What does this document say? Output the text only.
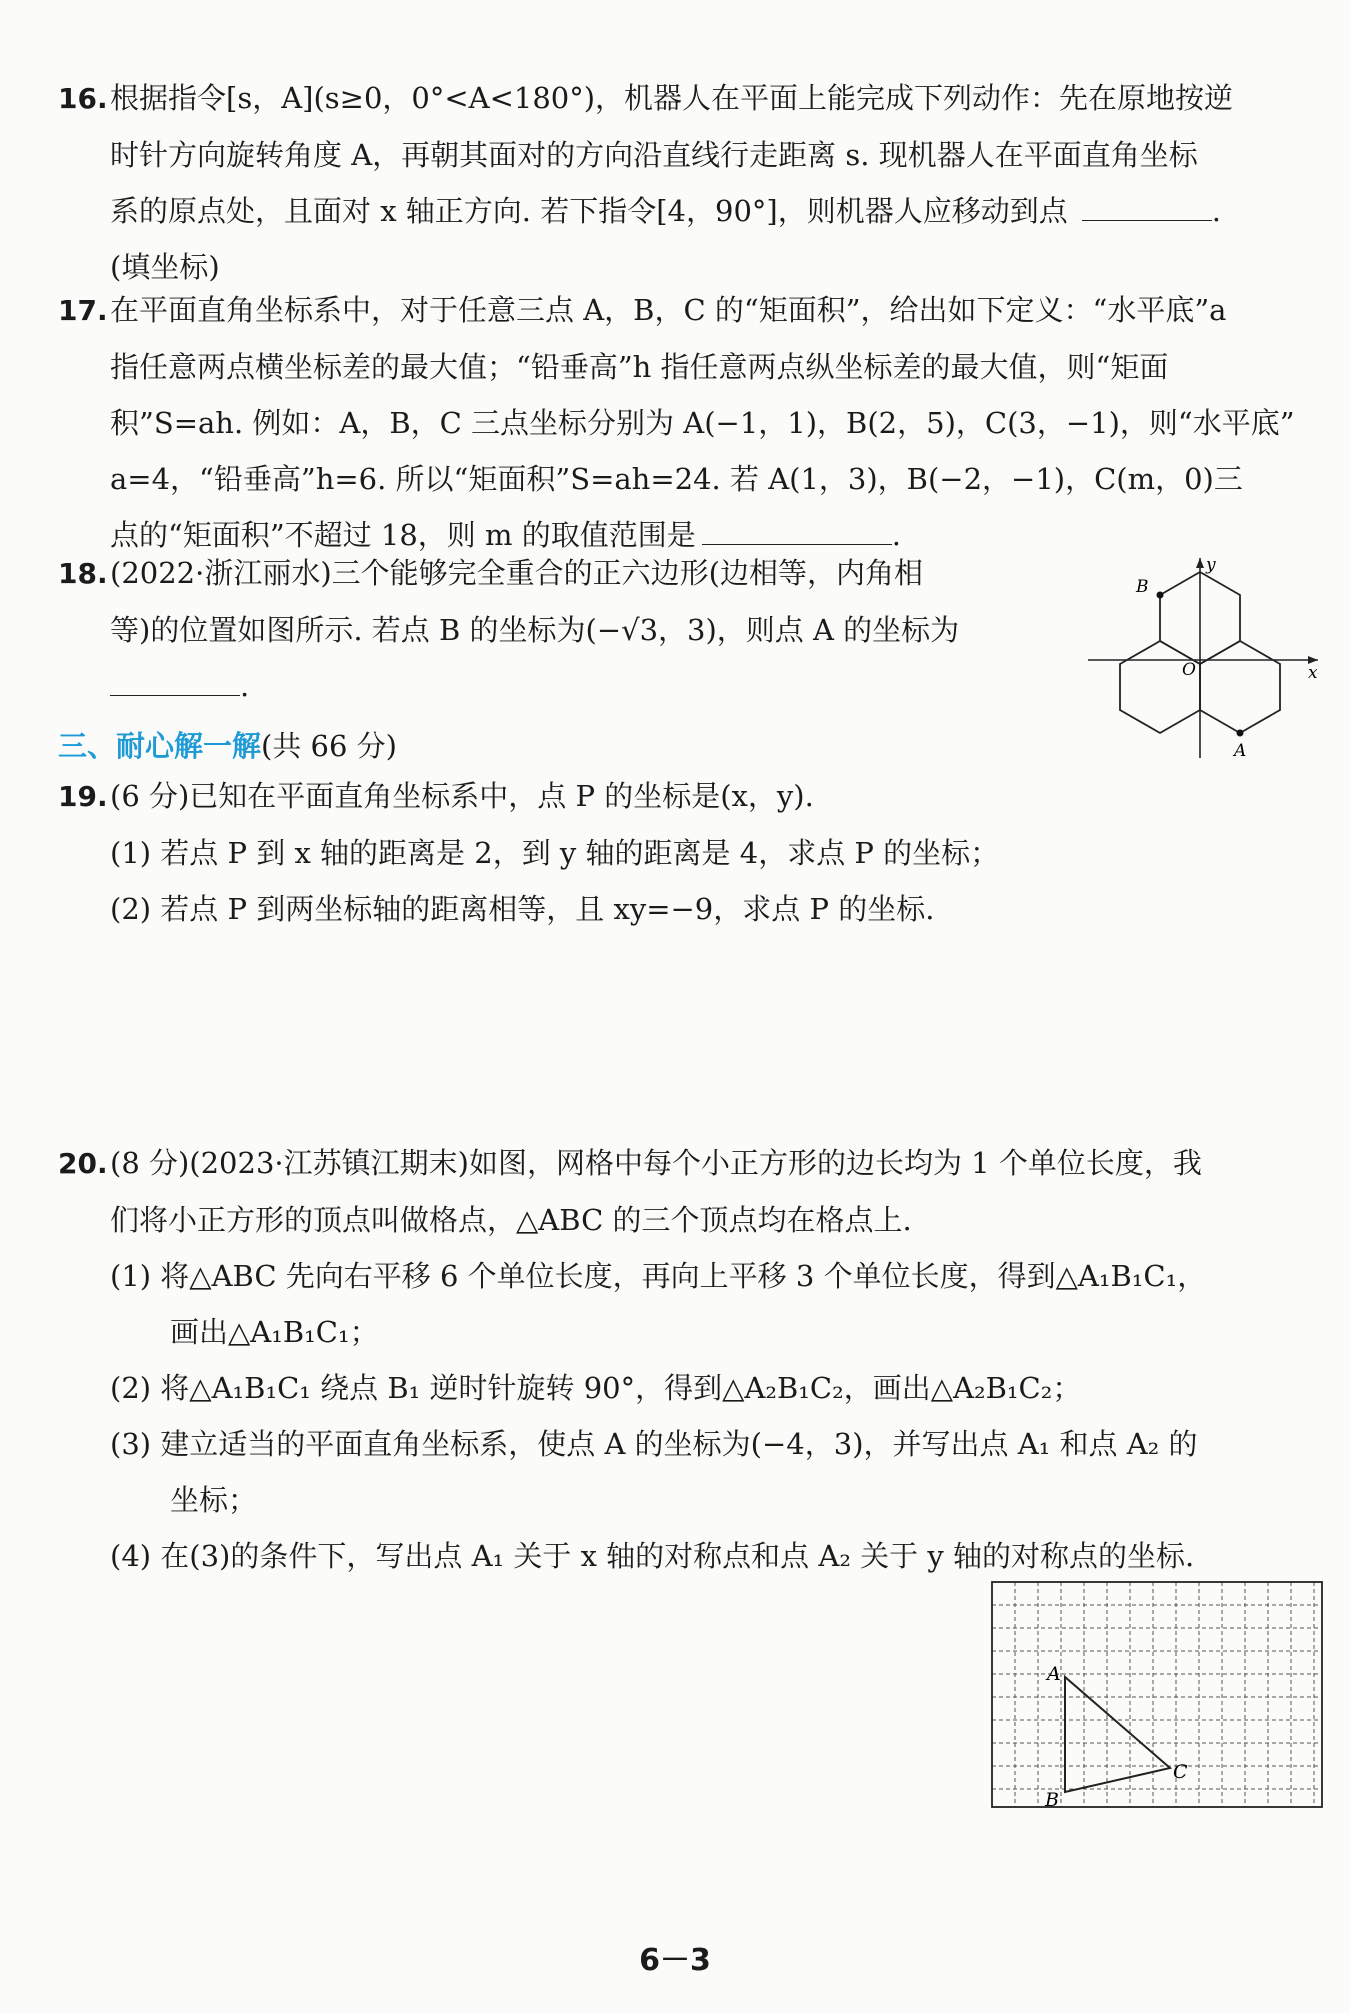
16.根据指令[s，A](s≥0，0°<A<180°)，机器人在平面上能完成下列动作：先在原地按逆
时针方向旋转角度 A，再朝其面对的方向沿直线行走距离 s. 现机器人在平面直角坐标
系的原点处，且面对 x 轴正方向. 若下指令[4，90°]，则机器人应移动到点	.
(填坐标)
17.在平面直角坐标系中，对于任意三点 A，B，C 的“矩面积”，给出如下定义：“水平底”a
指任意两点横坐标差的最大值；“铅垂高”h 指任意两点纵坐标差的最大值，则“矩面
积”S=ah. 例如：A，B，C 三点坐标分别为 A(−1，1)，B(2，5)，C(3，−1)，则“水平底”
a=4，“铅垂高”h=6. 所以“矩面积”S=ah=24. 若 A(1，3)，B(−2，−1)，C(m，0)三
点的“矩面积”不超过 18，则 m 的取值范围是	.
18.(2022·浙江丽水)三个能够完全重合的正六边形(边相等，内角相
等)的位置如图所示. 若点 B 的坐标为(−√3，3)，则点 A 的坐标为
.
y
x
O
B
A
三、耐心解一解(共 66 分)
19.(6 分)已知在平面直角坐标系中，点 P 的坐标是(x，y).
(1) 若点 P 到 x 轴的距离是 2，到 y 轴的距离是 4，求点 P 的坐标；
(2) 若点 P 到两坐标轴的距离相等，且 xy=−9，求点 P 的坐标.
20.(8 分)(2023·江苏镇江期末)如图，网格中每个小正方形的边长均为 1 个单位长度，我
们将小正方形的顶点叫做格点，△ABC 的三个顶点均在格点上.
(1) 将△ABC 先向右平移 6 个单位长度，再向上平移 3 个单位长度，得到△A₁B₁C₁，
画出△A₁B₁C₁；
(2) 将△A₁B₁C₁ 绕点 B₁ 逆时针旋转 90°，得到△A₂B₁C₂，画出△A₂B₁C₂；
(3) 建立适当的平面直角坐标系，使点 A 的坐标为(−4，3)，并写出点 A₁ 和点 A₂ 的
坐标；
(4) 在(3)的条件下，写出点 A₁ 关于 x 轴的对称点和点 A₂ 关于 y 轴的对称点的坐标.
A
B
C
6－3
